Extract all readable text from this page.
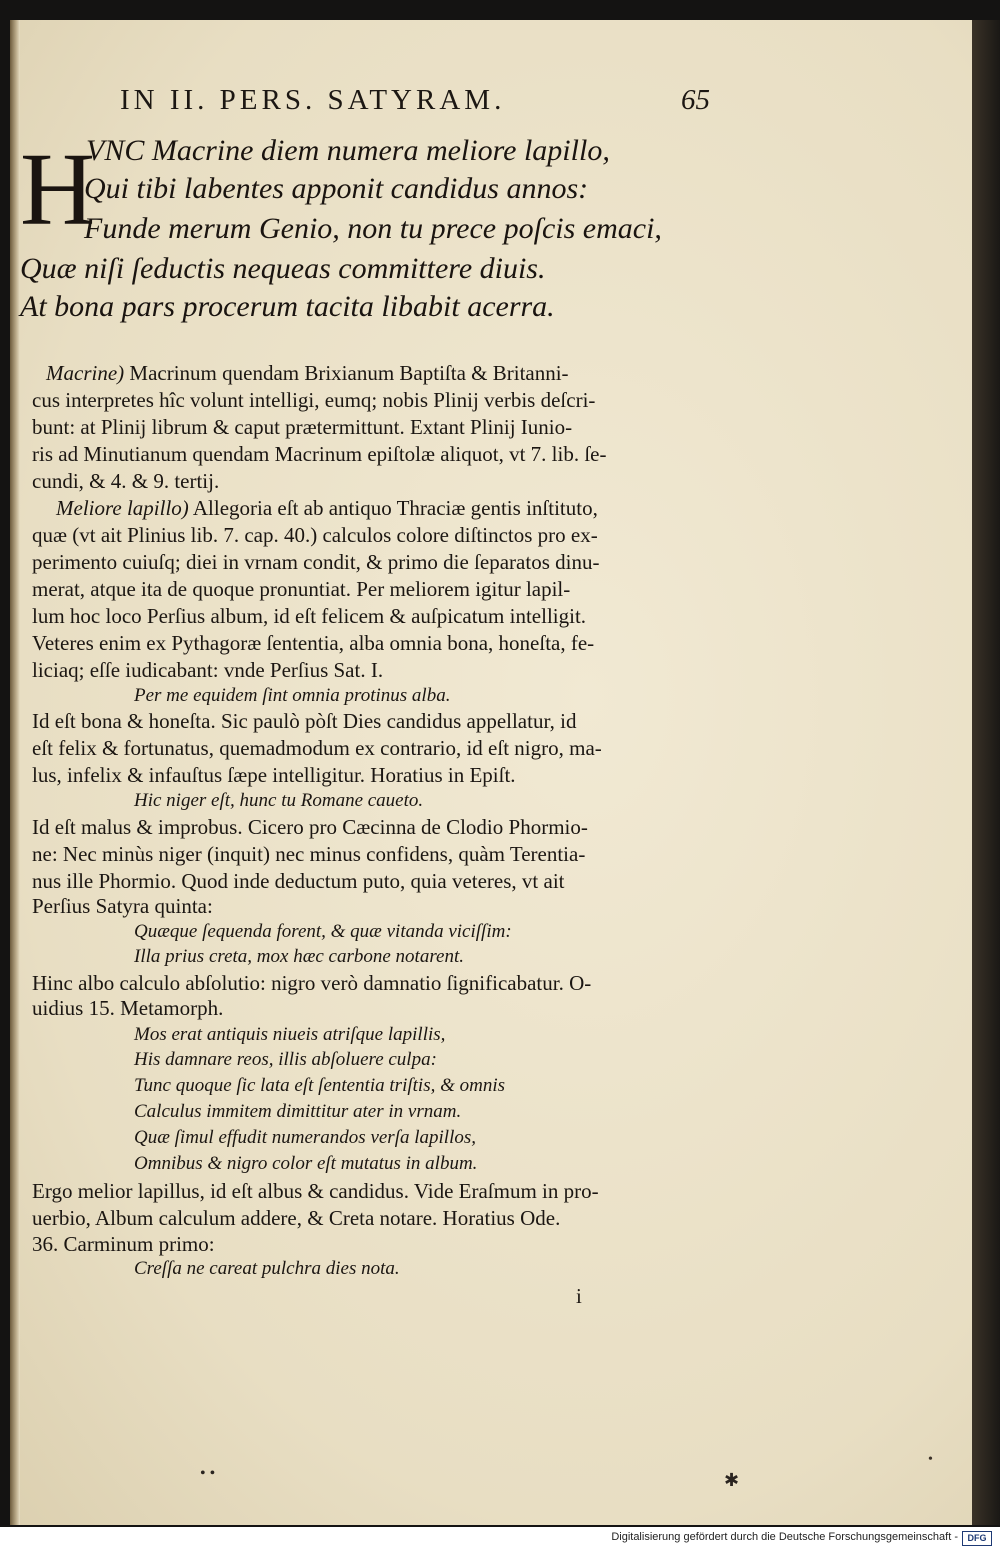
IN II. PERS. SATYRAM.	65
H
VNC Macrine diem numera meliore lapillo,
Qui tibi labentes apponit candidus annos:
Funde merum Genio, non tu prece poſcis emaci,
Quæ niſi ſeductis nequeas committere diuis.
At bona pars procerum tacita libabit acerra.
Macrine) Macrinum quendam Brixianum Baptiſta & Britanni-
cus interpretes hîc volunt intelligi, eumq; nobis Plinij verbis deſcri-
bunt: at Plinij librum & caput prætermittunt. Extant Plinij Iunio-
ris ad Minutianum quendam Macrinum epiſtolæ aliquot, vt 7. lib. ſe-
cundi, & 4. & 9. tertij.
Meliore lapillo) Allegoria eſt ab antiquo Thraciæ gentis inſtituto,
quæ (vt ait Plinius lib. 7. cap. 40.) calculos colore diſtinctos pro ex-
perimento cuiuſq; diei in vrnam condit, & primo die ſeparatos dinu-
merat, atque ita de quoque pronuntiat. Per meliorem igitur lapil-
lum hoc loco Perſius album, id eſt felicem & auſpicatum intelligit.
Veteres enim ex Pythagoræ ſententia, alba omnia bona, honeſta, fe-
liciaq; eſſe iudicabant: vnde Perſius Sat. I.
Per me equidem ſint omnia protinus alba.
Id eſt bona & honeſta. Sic paulò pòſt Dies candidus appellatur, id
eſt felix & fortunatus, quemadmodum ex contrario, id eſt nigro, ma-
lus, infelix & infauſtus ſæpe intelligitur. Horatius in Epiſt.
Hic niger eſt, hunc tu Romane caueto.
Id eſt malus & improbus. Cicero pro Cæcinna de Clodio Phormio-
ne: Nec minùs niger (inquit) nec minus confidens, quàm Terentia-
nus ille Phormio. Quod inde deductum puto, quia veteres, vt ait
Perſius Satyra quinta:
Quæque ſequenda forent, & quæ vitanda viciſſim:
Illa prius creta, mox hæc carbone notarent.
Hinc albo calculo abſolutio: nigro verò damnatio ſignificabatur. O-
uidius 15. Metamorph.
Mos erat antiquis niueis atriſque lapillis,
His damnare reos, illis abſoluere culpa:
Tunc quoque ſic lata eſt ſententia triſtis, & omnis
Calculus immitem dimittitur ater in vrnam.
Quæ ſimul effudit numerandos verſa lapillos,
Omnibus & nigro color eſt mutatus in album.
Ergo melior lapillus, id eſt albus & candidus. Vide Eraſmum in pro-
uerbio, Album calculum addere, & Creta notare. Horatius Ode.
36. Carminum primo:
Creſſa ne careat pulchra dies nota.
i
• •	✱
•
Digitalisierung gefördert durch die Deutsche Forschungsgemeinschaft -	DFG
